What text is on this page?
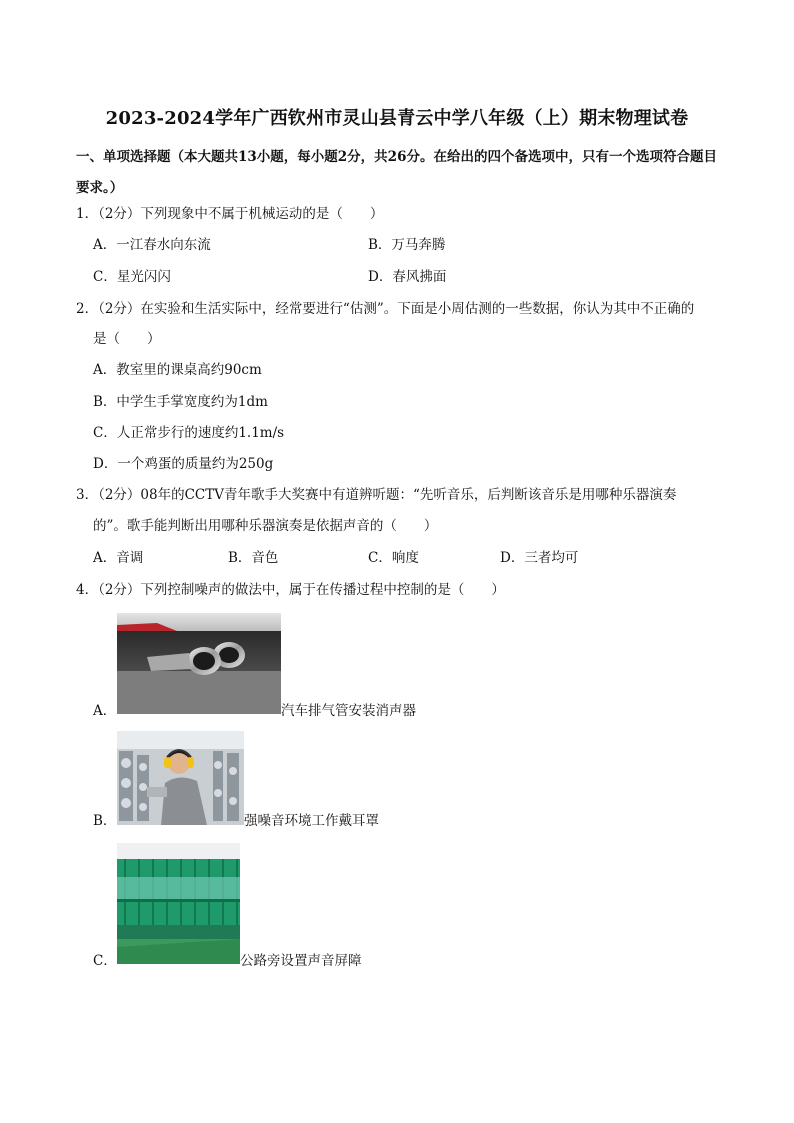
2023-2024学年广西钦州市灵山县青云中学八年级（上）期末物理试卷
一、单项选择题（本大题共13小题，每小题2分，共26分。在给出的四个备选项中，只有一个选项符合题目要求。）
1．（2分）下列现象中不属于机械运动的是（　　）
A．一江春水向东流	B．万马奔腾
C．星光闪闪	D．春风拂面
2．（2分）在实验和生活实际中，经常要进行“估测”。下面是小周估测的一些数据，你认为其中不正确的
是（　　）
A．教室里的课桌高约90cm
B．中学生手掌宽度约为1dm
C．人正常步行的速度约1.1m/s
D．一个鸡蛋的质量约为250g
3．（2分）08年的CCTV青年歌手大奖赛中有道辨听题：“先听音乐，后判断该音乐是用哪种乐器演奏
的”。歌手能判断出用哪种乐器演奏是依据声音的（　　）
A．音调	B．音色	C．响度	D．三者均可
4．（2分）下列控制噪声的做法中，属于在传播过程中控制的是（　　）
A．	汽车排气管安装消声器
B．	强噪音环境工作戴耳罩
C．	公路旁设置声音屏障
